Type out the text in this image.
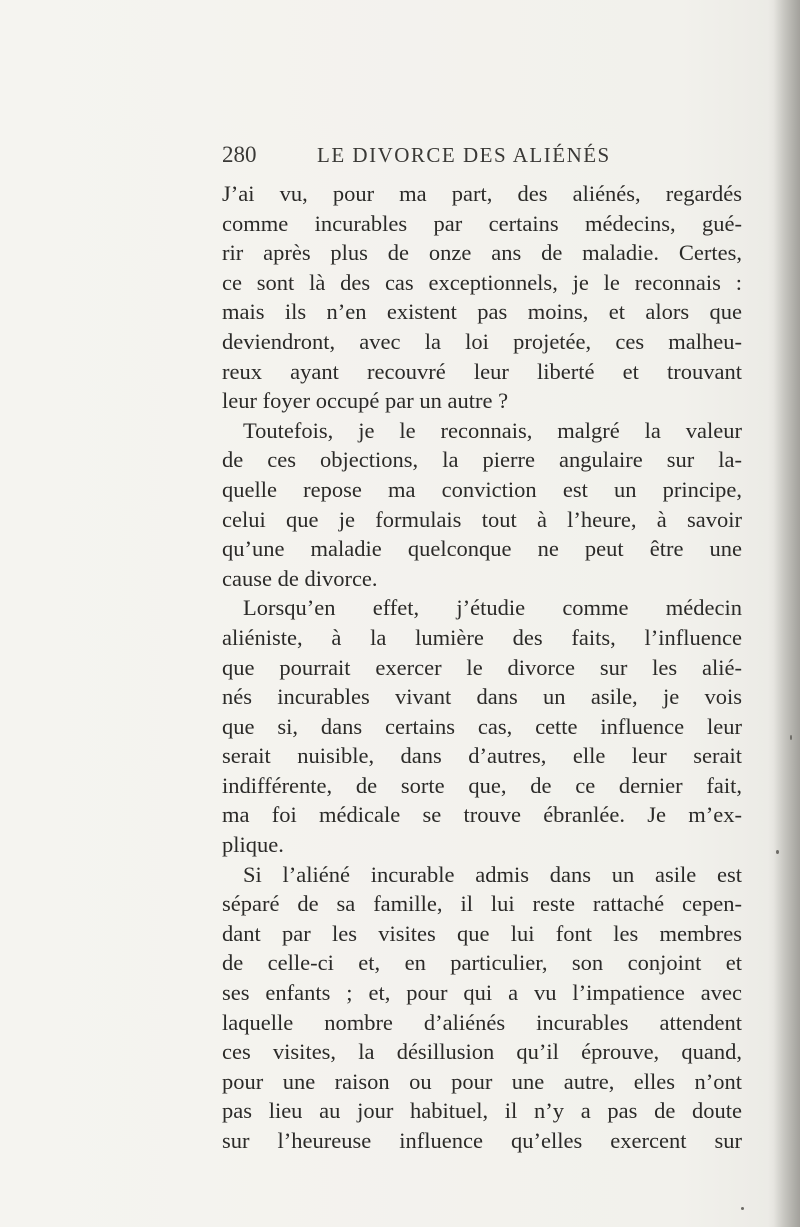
280	LE DIVORCE DES ALIÉNÉS
J’ai vu, pour ma part, des aliénés, regardés
comme incurables par certains médecins, gué-
rir après plus de onze ans de maladie. Certes,
ce sont là des cas exceptionnels, je le reconnais :
mais ils n’en existent pas moins, et alors que
deviendront, avec la loi projetée, ces malheu-
reux ayant recouvré leur liberté et trouvant
leur foyer occupé par un autre ?
Toutefois, je le reconnais, malgré la valeur
de ces objections, la pierre angulaire sur la-
quelle repose ma conviction est un principe,
celui que je formulais tout à l’heure, à savoir
qu’une maladie quelconque ne peut être une
cause de divorce.
Lorsqu’en effet, j’étudie comme médecin
aliéniste, à la lumière des faits, l’influence
que pourrait exercer le divorce sur les alié-
nés incurables vivant dans un asile, je vois
que si, dans certains cas, cette influence leur
serait nuisible, dans d’autres, elle leur serait
indifférente, de sorte que, de ce dernier fait,
ma foi médicale se trouve ébranlée. Je m’ex-
plique.
Si l’aliéné incurable admis dans un asile est
séparé de sa famille, il lui reste rattaché cepen-
dant par les visites que lui font les membres
de celle-ci et, en particulier, son conjoint et
ses enfants ; et, pour qui a vu l’impatience avec
laquelle nombre d’aliénés incurables attendent
ces visites, la désillusion qu’il éprouve, quand,
pour une raison ou pour une autre, elles n’ont
pas lieu au jour habituel, il n’y a pas de doute
sur l’heureuse influence qu’elles exercent sur
